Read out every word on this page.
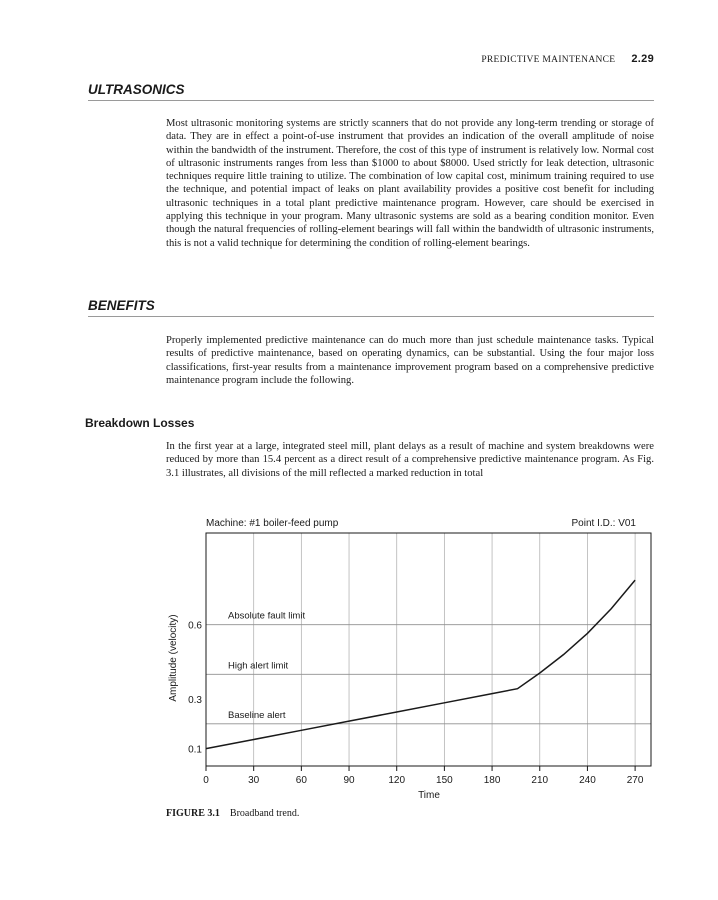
PREDICTIVE MAINTENANCE 2.29
ULTRASONICS

Most ultrasonic monitoring systems are strictly scanners that do not provide any long-term trending or storage of data. They are in effect a point-of-use instrument that provides an indication of the overall amplitude of noise within the bandwidth of the instrument. Therefore, the cost of this type of instrument is relatively low. Normal cost of ultrasonic instruments ranges from less than $1000 to about $8000. Used strictly for leak detection, ultrasonic techniques require little training to utilize. The combination of low capital cost, minimum training required to use the technique, and potential impact of leaks on plant availability provides a positive cost benefit for including ultrasonic techniques in a total plant predictive maintenance program. However, care should be exercised in applying this technique in your program. Many ultrasonic systems are sold as a bearing condition monitor. Even though the natural frequencies of rolling-element bearings will fall within the bandwidth of ultrasonic instruments, this is not a valid technique for determining the condition of rolling-element bearings.

BENEFITS

Properly implemented predictive maintenance can do much more than just schedule maintenance tasks. Typical results of predictive maintenance, based on operating dynamics, can be substantial. Using the four major loss classifications, first-year results from a maintenance improvement program based on a comprehensive predictive maintenance program include the following.

Breakdown Losses

In the first year at a large, integrated steel mill, plant delays as a result of machine and system breakdowns were reduced by more than 15.4 percent as a direct result of a comprehensive predictive maintenance program. As Fig. 3.1 illustrates, all divisions of the mill reflected a marked reduction in total

Machine: #1 boiler-feed pump	Point I.D.: V01
Absolute fault limit
High alert limit
Baseline alert
0	30	60	90	120	150	180	210	240	270
0.1
0.3
0.6
Time
Amplitude (velocity)
FIGURE 3.1 Broadband trend.
